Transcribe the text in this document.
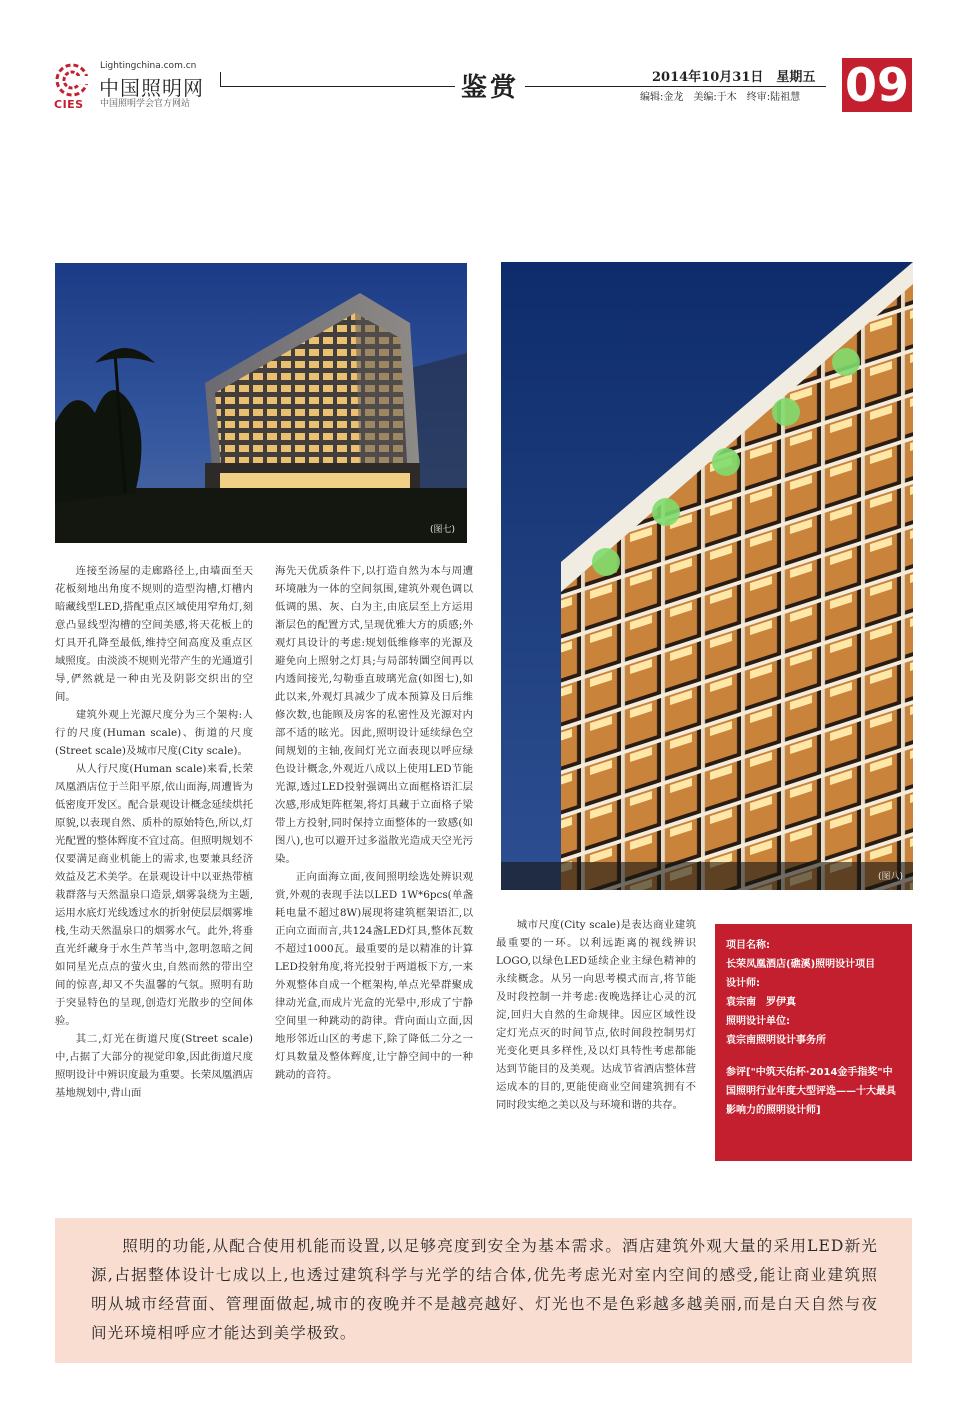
CIES
Lightingchina.com.cn
中国照明网
中国照明学会官方网站
鉴赏	2014年10月31日　星期五
编辑:金龙　美编:于木　终审:陆祖慧 09
(图七)
(图八)

连接至汤屋的走廊路径上,由墙面至天花板刻地出角度不规则的造型沟槽,灯槽内暗藏线型LED,搭配重点区域使用窄角灯,刻意凸显线型沟槽的空间美感,将天花板上的灯具开孔降至最低,维持空间高度及重点区域照度。由淡淡不规则光带产生的光通道引导,俨然就是一种由光及阴影交织出的空间。

建筑外观上光源尺度分为三个架构:人行的尺度(Human scale)、街道的尺度(Street scale)及城市尺度(City scale)。

从人行尺度(Human scale)来看,长荣凤凰酒店位于兰阳平原,依山面海,周遭皆为低密度开发区。配合景观设计概念延续烘托原貌,以表现自然、质朴的原始特色,所以,灯光配置的整体辉度不宜过高。但照明规划不仅要满足商业机能上的需求,也要兼具经济效益及艺术美学。在景观设计中以亚热带植栽群落与天然温泉口造景,烟雾袅绕为主题,运用水底灯光线透过水的折射使层层烟雾堆栈,生动天然温泉口的烟雾水气。此外,将垂直光纤藏身于水生芦苇当中,忽明忽暗之间如同星光点点的萤火虫,自然而然的带出空间的惊喜,却又不失温馨的气氛。照明有助于突显特色的呈现,创造灯光散步的空间体验。

其二,灯光在街道尺度(Street scale)中,占据了大部分的视觉印象,因此街道尺度照明设计中辨识度最为重要。长荣凤凰酒店基地规划中,背山面

海先天优质条件下,以打造自然为本与周遭环境融为一体的空间氛围,建筑外观色调以低调的黑、灰、白为主,由底层至上方运用渐层色的配置方式,呈现优雅大方的质感;外观灯具设计的考虑:规划低维修率的光源及避免向上照射之灯具;与局部转圜空间再以内透间接光,勾勒垂直玻璃光盒(如图七),如此以来,外观灯具减少了成本预算及日后维修次数,也能顾及房客的私密性及光源对内部不适的眩光。因此,照明设计延续绿色空间规划的主轴,夜间灯光立面表现以呼应绿色设计概念,外观近八成以上使用LED节能光源,透过LED投射强调出立面框格语汇层次感,形成矩阵框架,将灯具藏于立面格子梁带上方投射,同时保持立面整体的一致感(如图八),也可以避开过多溢散光造成天空光污染。

正向面海立面,夜间照明绘选处辨识观赏,外观的表现手法以LED 1W*6pcs(单盏耗电量不超过8W)展现将建筑框架语汇,以正向立面而言,共124盏LED灯具,整体瓦数不超过1000瓦。最重要的是以精准的计算LED投射角度,将光投射于两道板下方,一来外观整体自成一个框架构,单点光晕群聚成律动光盒,而成片光盒的光晕中,形成了宁静空间里一种跳动的韵律。背向面山立面,因地形邻近山区的考虑下,除了降低二分之一灯具数量及整体辉度,让宁静空间中的一种跳动的音符。

城市尺度(City scale)是表达商业建筑最重要的一环。以利远距离的视线辨识LOGO,以绿色LED延续企业主绿色精神的永续概念。从另一向思考模式而言,将节能及时段控制一并考虑:夜晚选择让心灵的沉淀,回归大自然的生命规律。因应区域性设定灯光点灭的时间节点,依时间段控制男灯光变化更具多样性,及以灯具特性考虑都能达到节能目的及美观。达成节省酒店整体营运成本的目的,更能使商业空间建筑拥有不同时段实绝之美以及与环境和谐的共存。

项目名称:
长荣凤凰酒店(礁溪)照明设计项目
设计师:
袁宗南　罗伊真
照明设计单位:
袁宗南照明设计事务所
参评["中筑天佑杯·2014金手指奖"中国照明行业年度大型评选——十大最具影响力的照明设计师]

照明的功能,从配合使用机能而设置,以足够亮度到安全为基本需求。酒店建筑外观大量的采用LED新光源,占据整体设计七成以上,也透过建筑科学与光学的结合体,优先考虑光对室内空间的感受,能让商业建筑照明从城市经营面、管理面做起,城市的夜晚并不是越亮越好、灯光也不是色彩越多越美丽,而是白天自然与夜间光环境相呼应才能达到美学极致。
